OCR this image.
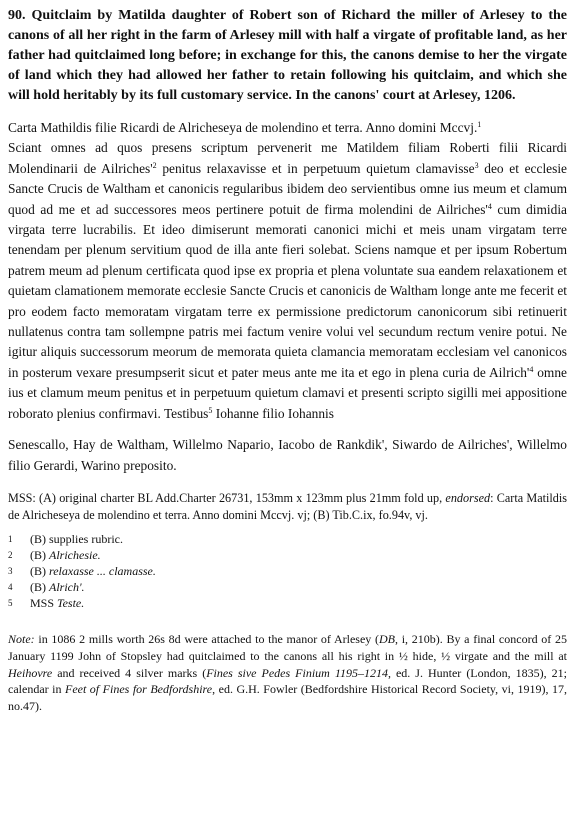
90. Quitclaim by Matilda daughter of Robert son of Richard the miller of Arlesey to the canons of all her right in the farm of Arlesey mill with half a virgate of profitable land, as her father had quitclaimed long before; in exchange for this, the canons demise to her the virgate of land which they had allowed her father to retain following his quitclaim, and which she will hold heritably by its full customary service. In the canons' court at Arlesey, 1206.

Carta Mathildis filie Ricardi de Alricheseya de molendino et terra. Anno domini Mccvj.$^1$

Sciant omnes ad quos presens scriptum pervenerit me Matildem filiam Roberti filii Ricardi Molendinarii de $Ailriches'^2$ penitus relaxavisse et in perpetuum quietum clamavisse$^3$ deo et ecclesie Sancte Crucis de Waltham et canonicis regularibus ibidem deo servientibus omne ius meum et clamum quod ad me et ad successores meos pertinere potuit de firma molendini de $Ailriches'^4$ cum dimidia virgata terre lucrabilis. Et ideo dimiserunt memorati canonici michi et meis unam virgatam terre tenendam per plenum servitium quod de illa ante fieri solebat. Sciens namque et per ipsum Robertum patrem meum ad plenum certificata quod ipse ex propria et plena voluntate sua eandem relaxationem et quietam clamationem memorate ecclesie Sancte Crucis et canonicis de Waltham longe ante me fecerit et pro eodem facto memoratam virgatam terre ex permissione predictorum canonicorum sibi retinuerit nullatenus contra tam sollempne patris mei factum venire volui vel secundum rectum venire potui. Ne igitur aliquis successorum meorum de memorata quieta clamancia memoratam ecclesiam vel canonicos in posterum vexare presumpserit sicut et pater meus ante me ita et ego in plena curia de $Ailrich'^4$ omne ius et clamum meum penitus et in perpetuum quietum clamavi et presenti scripto sigilli mei appositione roborato plenius confirmavi. Testibus$^5$ Iohanne filio Iohannis

Senescallo, Hay de Waltham, Willelmo Napario, Iacobo de Rankdik', Siwardo de Ailriches', Willelmo filio Gerardi, Warino preposito.

MSS: (A) original charter BL Add.Charter 26731, 153mm x 123mm plus 21mm fold up, endorsed: Carta Matildis de Alricheseya de molendino et terra. Anno domini Mccvj. vj; (B) Tib.C.ix, fo.94v, vj.

1	(B) supplies rubric.
2	(B) Alrichesie.
3	(B) relaxasse ... clamasse.
4	(B) Alrich'.
5	MSS Teste.

Note: in 1086 2 mills worth 26s 8d were attached to the manor of Arlesey (DB, i, 210b). By a final concord of 25 January 1199 John of Stopsley had quitclaimed to the canons all his right in ½ hide, ½ virgate and the mill at Heihovre and received 4 silver marks (Fines sive Pedes Finium 1195–1214, ed. J. Hunter (London, 1835), 21; calendar in Feet of Fines for Bedfordshire, ed. G.H. Fowler (Bedfordshire Historical Record Society, vi, 1919), 17, no.47).
